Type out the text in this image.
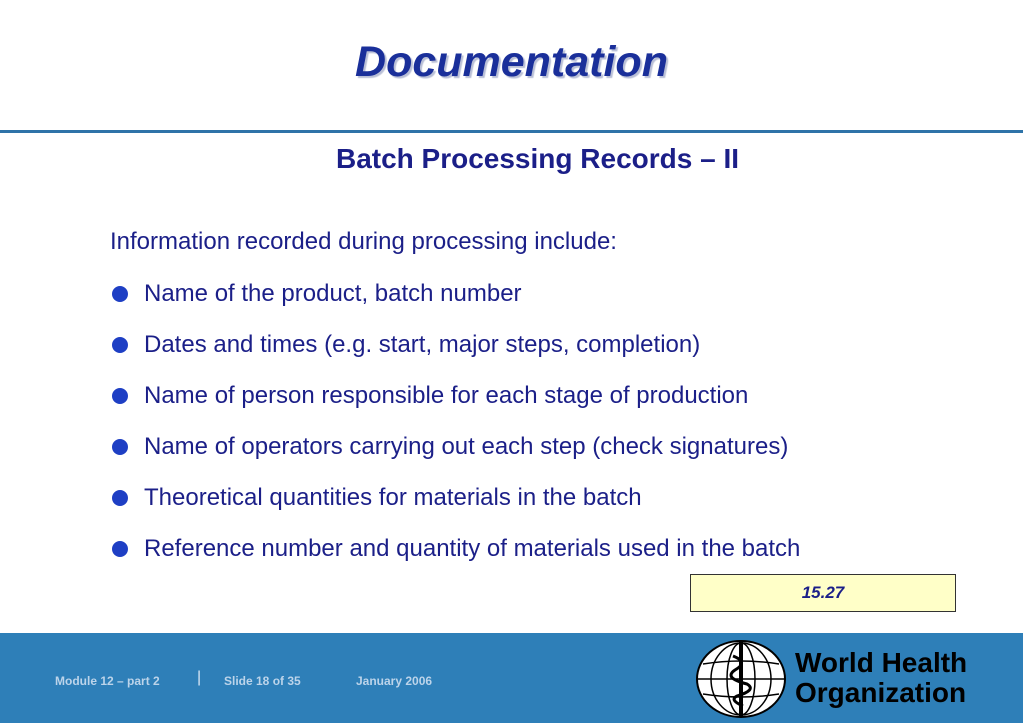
Documentation
Batch Processing Records – II
Information recorded during processing include:
Name of the product, batch number
Dates and times (e.g. start, major steps, completion)
Name of person responsible for each stage of production
Name of operators carrying out each step (check signatures)
Theoretical quantities for materials in the batch
Reference number and quantity of materials used in the batch
15.27
Module 12 – part 2 | Slide 18 of 35	January 2006
World Health
Organization
